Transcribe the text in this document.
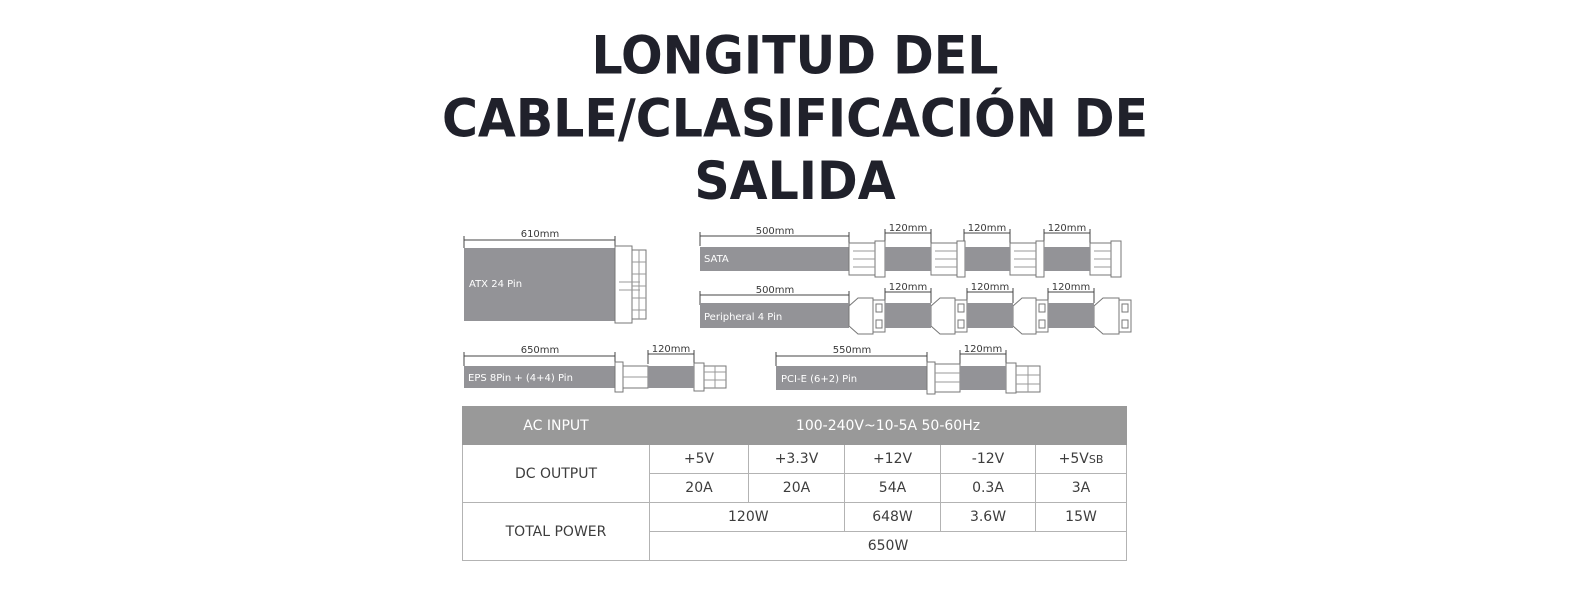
LONGITUD DEL
CABLE/CLASIFICACIÓN DE
SALIDA
610mm
ATX 24 Pin
500mm
SATA
120mm	120mm	120mm
500mm
Peripheral 4 Pin
120mm	120mm	120mm
650mm
EPS 8Pin + (4+4) Pin
120mm	550mm
PCI-E (6+2) Pin
120mm
AC INPUT	100-240V~10-5A 50-60Hz				
DC OUTPUT	+5V	+3.3V	+12V	-12V	+5VSB
	20A	20A	54A	0.3A	3A
TOTAL POWER	120W		648W	3.6W	15W
	650W				
